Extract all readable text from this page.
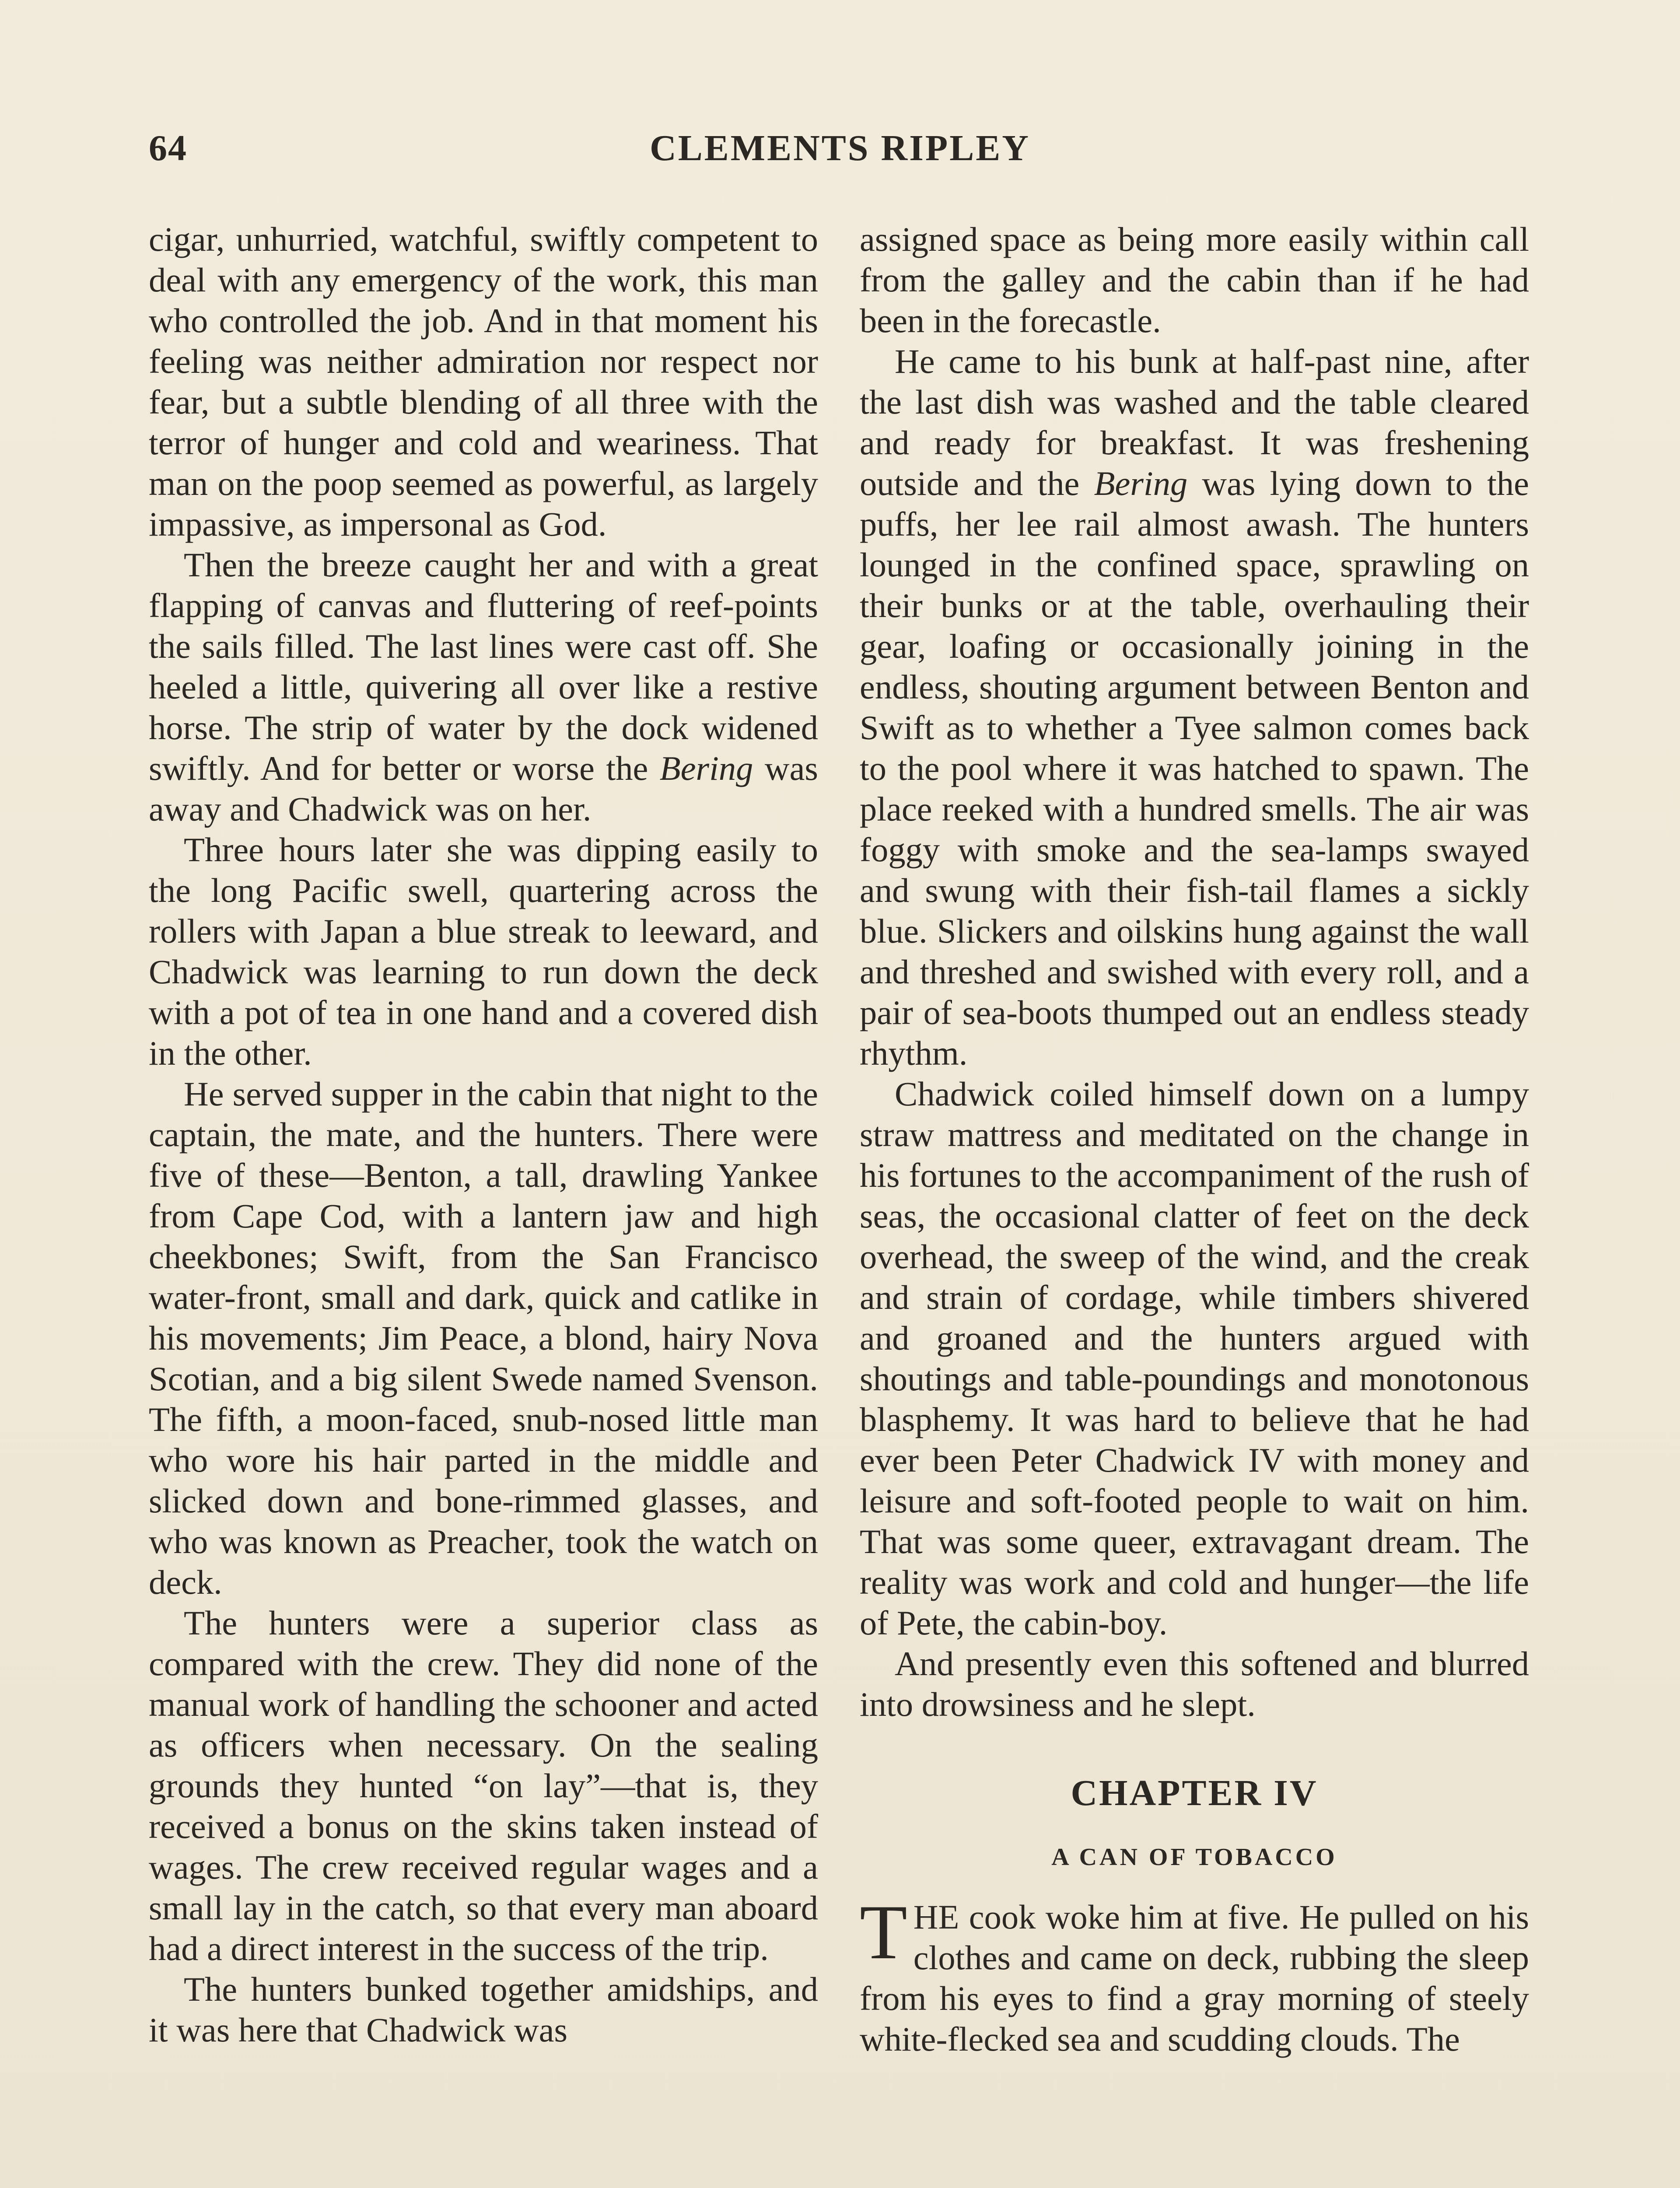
64	CLEMENTS RIPLEY

cigar, unhurried, watchful, swiftly competent to deal with any emergency of the work, this man who controlled the job. And in that moment his feeling was neither admiration nor respect nor fear, but a subtle blending of all three with the terror of hunger and cold and weariness. That man on the poop seemed as powerful, as largely impassive, as impersonal as God.

Then the breeze caught her and with a great flapping of canvas and fluttering of reef-points the sails filled. The last lines were cast off. She heeled a little, quivering all over like a restive horse. The strip of water by the dock widened swiftly. And for better or worse the Bering was away and Chadwick was on her.

Three hours later she was dipping easily to the long Pacific swell, quartering across the rollers with Japan a blue streak to leeward, and Chadwick was learning to run down the deck with a pot of tea in one hand and a covered dish in the other.

He served supper in the cabin that night to the captain, the mate, and the hunters. There were five of these—Benton, a tall, drawling Yankee from Cape Cod, with a lantern jaw and high cheekbones; Swift, from the San Francisco water-front, small and dark, quick and catlike in his movements; Jim Peace, a blond, hairy Nova Scotian, and a big silent Swede named Svenson. The fifth, a moon-faced, snub-nosed little man who wore his hair parted in the middle and slicked down and bone-rimmed glasses, and who was known as Preacher, took the watch on deck.

The hunters were a superior class as compared with the crew. They did none of the manual work of handling the schooner and acted as officers when necessary. On the sealing grounds they hunted “on lay”—that is, they received a bonus on the skins taken instead of wages. The crew received regular wages and a small lay in the catch, so that every man aboard had a direct interest in the success of the trip.

The hunters bunked together amidships, and it was here that Chadwick was

assigned space as being more easily within call from the galley and the cabin than if he had been in the forecastle.

He came to his bunk at half-past nine, after the last dish was washed and the table cleared and ready for breakfast. It was freshening outside and the Bering was lying down to the puffs, her lee rail almost awash. The hunters lounged in the confined space, sprawling on their bunks or at the table, overhauling their gear, loafing or occasionally joining in the endless, shouting argument between Benton and Swift as to whether a Tyee salmon comes back to the pool where it was hatched to spawn. The place reeked with a hundred smells. The air was foggy with smoke and the sea-lamps swayed and swung with their fish-tail flames a sickly blue. Slickers and oilskins hung against the wall and threshed and swished with every roll, and a pair of sea-boots thumped out an endless steady rhythm.

Chadwick coiled himself down on a lumpy straw mattress and meditated on the change in his fortunes to the accompaniment of the rush of seas, the occasional clatter of feet on the deck overhead, the sweep of the wind, and the creak and strain of cordage, while timbers shivered and groaned and the hunters argued with shoutings and table-poundings and monotonous blasphemy. It was hard to believe that he had ever been Peter Chadwick IV with money and leisure and soft-footed people to wait on him. That was some queer, extravagant dream. The reality was work and cold and hunger—the life of Pete, the cabin-boy.

And presently even this softened and blurred into drowsiness and he slept.

CHAPTER IV

A CAN OF TOBACCO

THE cook woke him at five. He pulled on his clothes and came on deck, rubbing the sleep from his eyes to find a gray morning of steely white-flecked sea and scudding clouds. The
